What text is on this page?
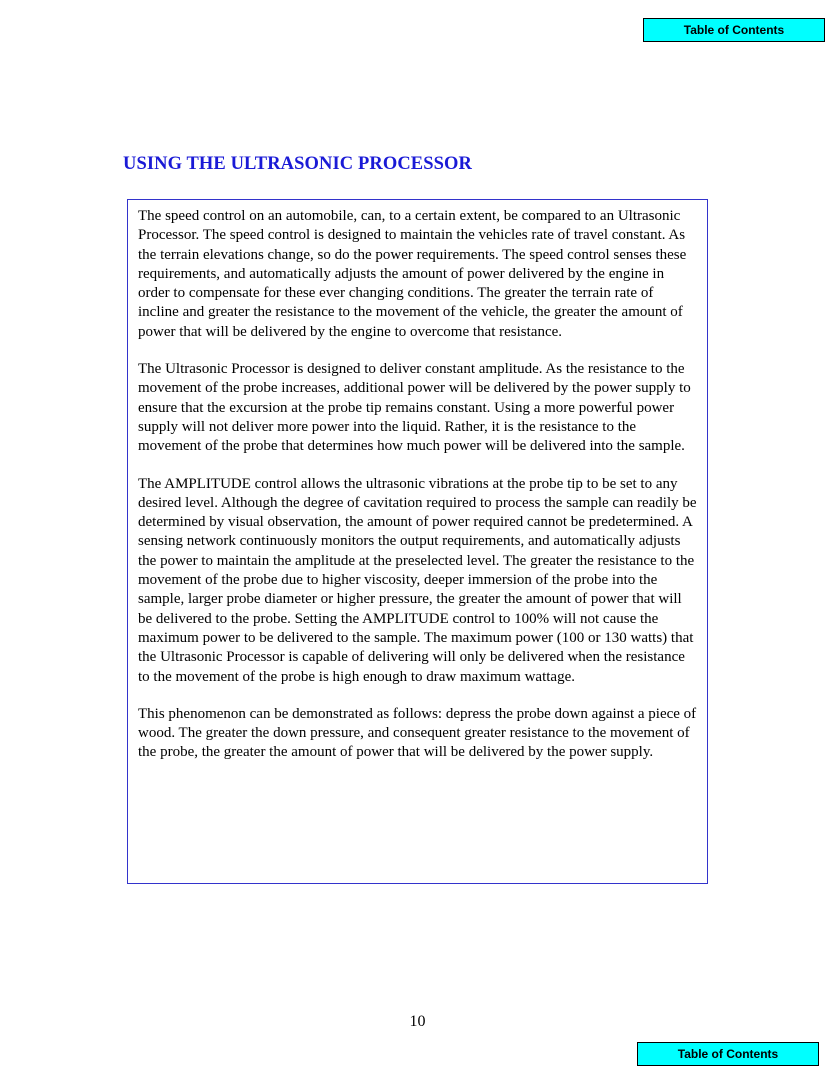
Table of Contents
USING THE ULTRASONIC PROCESSOR

The speed control on an automobile, can, to a certain extent, be compared to an Ultrasonic Processor. The speed control is designed to maintain the vehicles rate of travel constant. As the terrain elevations change, so do the power requirements. The speed control senses these requirements, and automatically adjusts the amount of power delivered by the engine in order to compensate for these ever changing conditions. The greater the terrain rate of incline and greater the resistance to the movement of the vehicle, the greater the amount of power that will be delivered by the engine to overcome that resistance.

The Ultrasonic Processor is designed to deliver constant amplitude. As the resistance to the movement of the probe increases, additional power will be delivered by the power supply to ensure that the excursion at the probe tip remains constant. Using a more powerful power supply will not deliver more power into the liquid. Rather, it is the resistance to the movement of the probe that determines how much power will be delivered into the sample.

The AMPLITUDE control allows the ultrasonic vibrations at the probe tip to be set to any desired level. Although the degree of cavitation required to process the sample can readily be determined by visual observation, the amount of power required cannot be predetermined. A sensing network continuously monitors the output requirements, and automatically adjusts the power to maintain the amplitude at the preselected level. The greater the resistance to the movement of the probe due to higher viscosity, deeper immersion of the probe into the sample, larger probe diameter or higher pressure, the greater the amount of power that will be delivered to the probe. Setting the AMPLITUDE control to 100% will not cause the maximum power to be delivered to the sample. The maximum power (100 or 130 watts) that the Ultrasonic Processor is capable of delivering will only be delivered when the resistance to the movement of the probe is high enough to draw maximum wattage.

This phenomenon can be demonstrated as follows: depress the probe down against a piece of wood. The greater the down pressure, and consequent greater resistance to the movement of the probe, the greater the amount of power that will be delivered by the power supply.

10
Table of Contents
